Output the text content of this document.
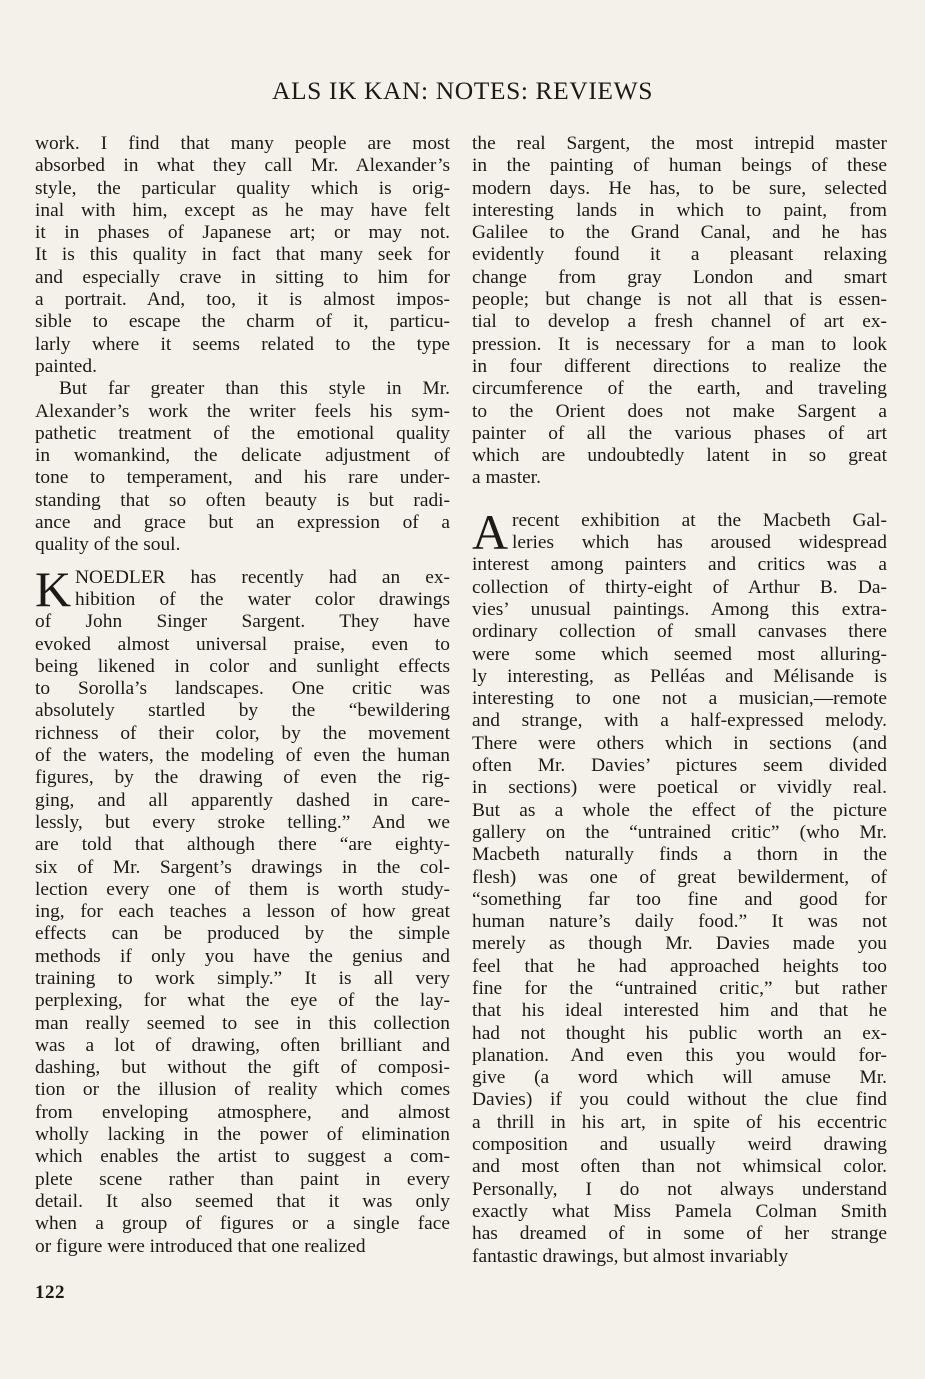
ALS IK KAN: NOTES: REVIEWS
work. I find that many people are most
absorbed in what they call Mr. Alexander’s
style, the particular quality which is orig-
inal with him, except as he may have felt
it in phases of Japanese art; or may not.
It is this quality in fact that many seek for
and especially crave in sitting to him for
a portrait. And, too, it is almost impos-
sible to escape the charm of it, particu-
larly where it seems related to the type
painted.
But far greater than this style in Mr.
Alexander’s work the writer feels his sym-
pathetic treatment of the emotional quality
in womankind, the delicate adjustment of
tone to temperament, and his rare under-
standing that so often beauty is but radi-
ance and grace but an expression of a
quality of the soul.
K NOEDLER has recently had an ex-
hibition of the water color drawings
of John Singer Sargent. They have
evoked almost universal praise, even to
being likened in color and sunlight effects
to Sorolla’s landscapes. One critic was
absolutely startled by the “bewildering
richness of their color, by the movement
of the waters, the modeling of even the human
figures, by the drawing of even the rig-
ging, and all apparently dashed in care-
lessly, but every stroke telling.” And we
are told that although there “are eighty-
six of Mr. Sargent’s drawings in the col-
lection every one of them is worth study-
ing, for each teaches a lesson of how great
effects can be produced by the simple
methods if only you have the genius and
training to work simply.” It is all very
perplexing, for what the eye of the lay-
man really seemed to see in this collection
was a lot of drawing, often brilliant and
dashing, but without the gift of composi-
tion or the illusion of reality which comes
from enveloping atmosphere, and almost
wholly lacking in the power of elimination
which enables the artist to suggest a com-
plete scene rather than paint in every
detail. It also seemed that it was only
when a group of figures or a single face
or figure were introduced that one realized
the real Sargent, the most intrepid master
in the painting of human beings of these
modern days. He has, to be sure, selected
interesting lands in which to paint, from
Galilee to the Grand Canal, and he has
evidently found it a pleasant relaxing
change from gray London and smart
people; but change is not all that is essen-
tial to develop a fresh channel of art ex-
pression. It is necessary for a man to look
in four different directions to realize the
circumference of the earth, and traveling
to the Orient does not make Sargent a
painter of all the various phases of art
which are undoubtedly latent in so great
a master.
A recent exhibition at the Macbeth Gal-
leries which has aroused widespread
interest among painters and critics was a
collection of thirty-eight of Arthur B. Da-
vies’ unusual paintings. Among this extra-
ordinary collection of small canvases there
were some which seemed most alluring-
ly interesting, as Pelléas and Mélisande is
interesting to one not a musician,—remote
and strange, with a half-expressed melody.
There were others which in sections (and
often Mr. Davies’ pictures seem divided
in sections) were poetical or vividly real.
But as a whole the effect of the picture
gallery on the “untrained critic” (who Mr.
Macbeth naturally finds a thorn in the
flesh) was one of great bewilderment, of
“something far too fine and good for
human nature’s daily food.” It was not
merely as though Mr. Davies made you
feel that he had approached heights too
fine for the “untrained critic,” but rather
that his ideal interested him and that he
had not thought his public worth an ex-
planation. And even this you would for-
give (a word which will amuse Mr.
Davies) if you could without the clue find
a thrill in his art, in spite of his eccentric
composition and usually weird drawing
and most often than not whimsical color.
Personally, I do not always understand
exactly what Miss Pamela Colman Smith
has dreamed of in some of her strange
fantastic drawings, but almost invariably
122
